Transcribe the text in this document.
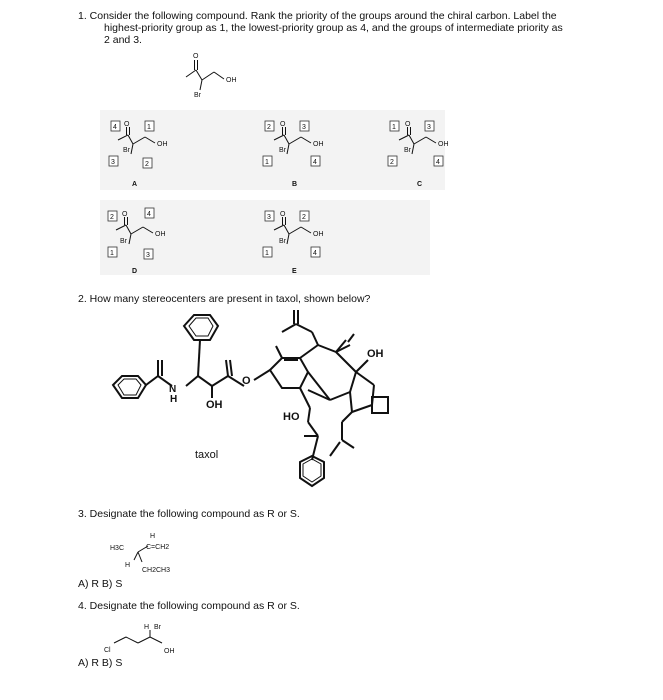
1. Consider the following compound. Rank the priority of the groups around the chiral carbon. Label the
highest-priority group as 1, the lowest-priority group as 4, and the groups of intermediate priority as
2 and 3.
2. How many stereocenters are present in taxol, shown below?
3. Designate the following compound as R or S.
A) R B) S
4. Designate the following compound as R or S.
A) R B) S
O
Br
OH
O
Br
OH
4	1
3	2
A
O
Br
OH
2	3
1	4
B
O
Br
OH
1	3
2	4
C
O
Br
OH
2	4
1	3
D
O
Br
OH
3	2
1	4
E
N
H	OH
OH
HO
O
taxol
H
H3C	C=CH2
H
CH2CH3
H Br
Cl	OH
